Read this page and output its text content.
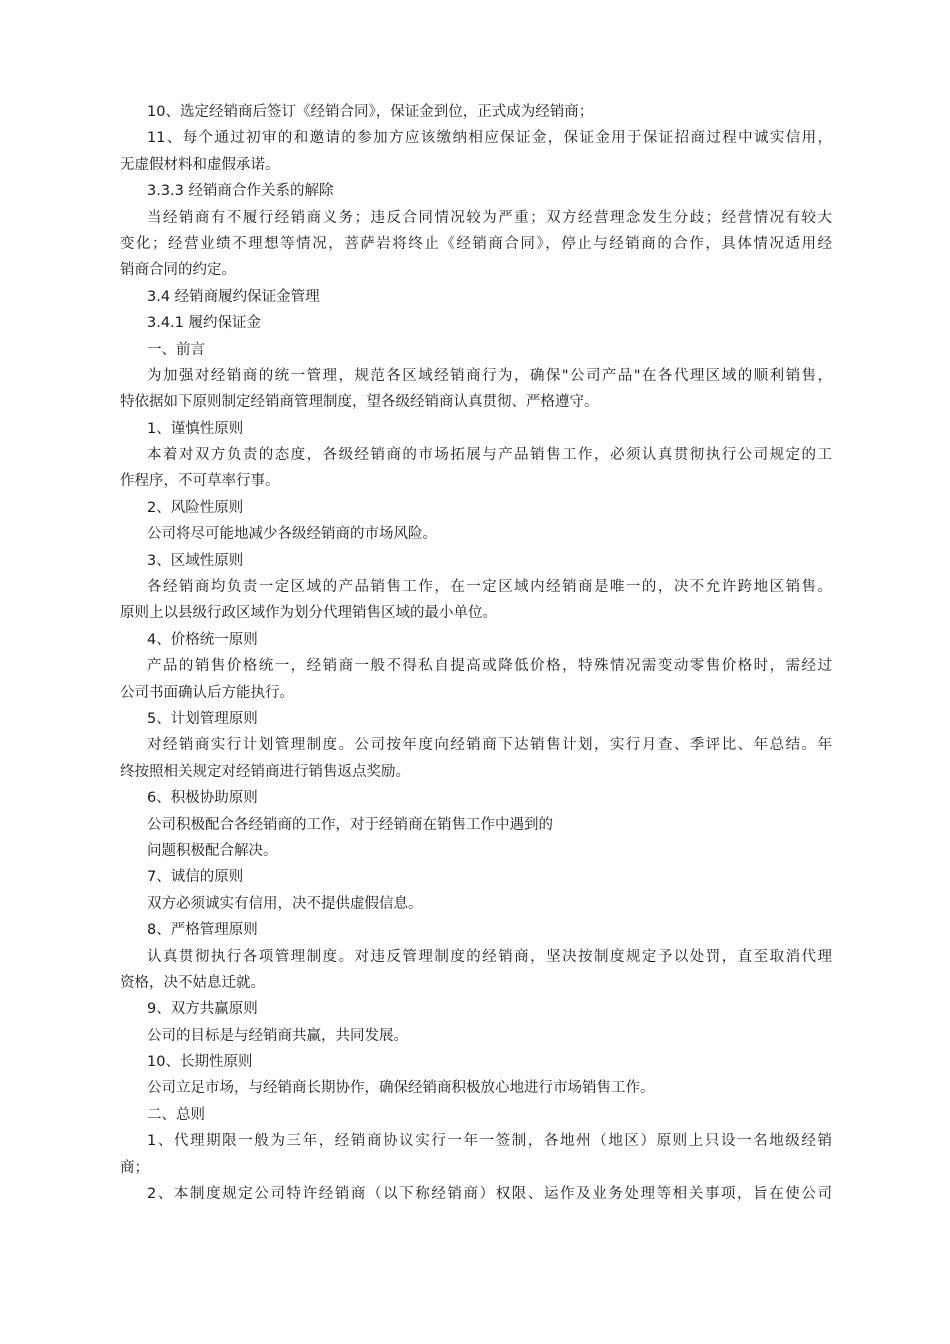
10、选定经销商后签订《经销合同》，保证金到位，正式成为经销商；
11、每个通过初审的和邀请的参加方应该缴纳相应保证金，保证金用于保证招商过程中诚实信用，
无虚假材料和虚假承诺。
3.3.3 经销商合作关系的解除
当经销商有不履行经销商义务；违反合同情况较为严重；双方经营理念发生分歧；经营情况有较大
变化；经营业绩不理想等情况，菩萨岩将终止《经销商合同》，停止与经销商的合作，具体情况适用经
销商合同的约定。
3.4 经销商履约保证金管理
3.4.1 履约保证金
一、前言
为加强对经销商的统一管理，规范各区域经销商行为，确保"公司产品"在各代理区域的顺利销售，
特依据如下原则制定经销商管理制度，望各级经销商认真贯彻、严格遵守。
1、谨慎性原则
本着对双方负责的态度，各级经销商的市场拓展与产品销售工作，必须认真贯彻执行公司规定的工
作程序，不可草率行事。
2、风险性原则
公司将尽可能地减少各级经销商的市场风险。
3、区域性原则
各经销商均负责一定区域的产品销售工作，在一定区域内经销商是唯一的，决不允许跨地区销售。
原则上以县级行政区域作为划分代理销售区域的最小单位。
4、价格统一原则
产品的销售价格统一，经销商一般不得私自提高或降低价格，特殊情况需变动零售价格时，需经过
公司书面确认后方能执行。
5、计划管理原则
对经销商实行计划管理制度。公司按年度向经销商下达销售计划，实行月查、季评比、年总结。年
终按照相关规定对经销商进行销售返点奖励。
6、积极协助原则
公司积极配合各经销商的工作，对于经销商在销售工作中遇到的
问题积极配合解决。
7、诚信的原则
双方必须诚实有信用，决不提供虚假信息。
8、严格管理原则
认真贯彻执行各项管理制度。对违反管理制度的经销商，坚决按制度规定予以处罚，直至取消代理
资格，决不姑息迁就。
9、双方共赢原则
公司的目标是与经销商共赢，共同发展。
10、长期性原则
公司立足市场，与经销商长期协作，确保经销商积极放心地进行市场销售工作。
二、总则
1、代理期限一般为三年，经销商协议实行一年一签制，各地州（地区）原则上只设一名地级经销
商；
2、本制度规定公司特许经销商（以下称经销商）权限、运作及业务处理等相关事项，旨在使公司
